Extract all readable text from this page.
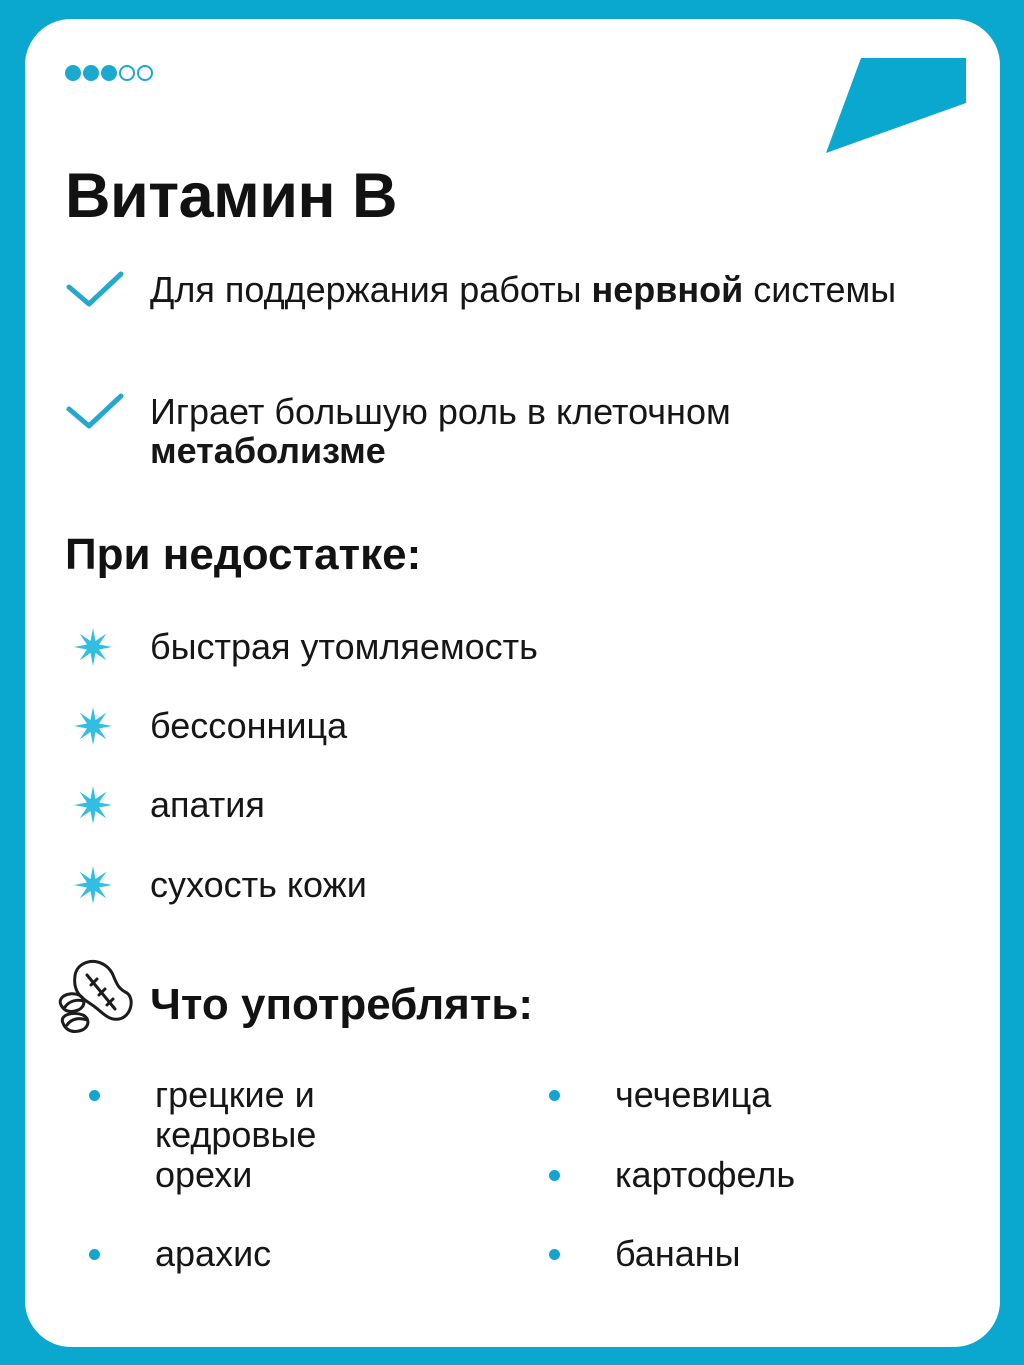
Витамин B
Для поддержания работы нервной системы
Играет большую роль в клеточном метаболизме
При недостатке:
быстрая утомляемость
бессонница
апатия
сухость кожи
Что употреблять:
грецкие и кедровые орехи
арахис
чечевица
картофель
бананы
